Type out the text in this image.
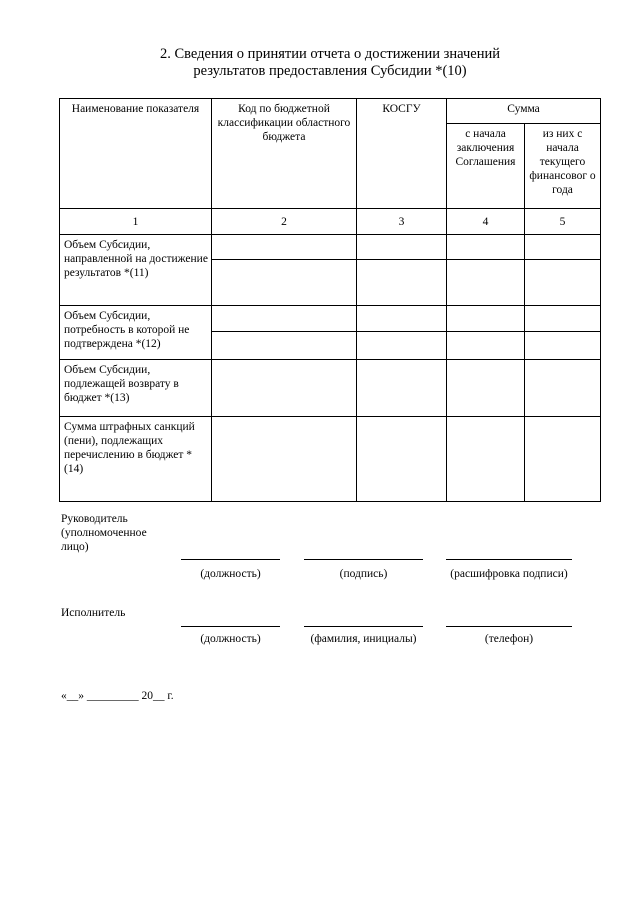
2. Сведения о принятии отчета о достижении значений
результатов предоставления Субсидии *(10)
Наименование показателя	Код по бюджетной классификации областного бюджета	КОСГУ	Сумма	
			с начала заключения Соглашения	из них с начала текущего финансовог о года
1	2	3	4	5
Объем Субсидии, направленной на достижение результатов *(11)				

Объем Субсидии, потребность в которой не подтверждена *(12)				

Объем Субсидии, подлежащей возврату в бюджет *(13)				
Сумма штрафных санкций (пени), подлежащих перечислению в бюджет *(14)				
Руководитель (уполномоченное лицо)
(должность)	(подпись)	(расшифровка подписи)
Исполнитель
(должность)	(фамилия, инициалы)	(телефон)
«__» _________ 20__ г.
